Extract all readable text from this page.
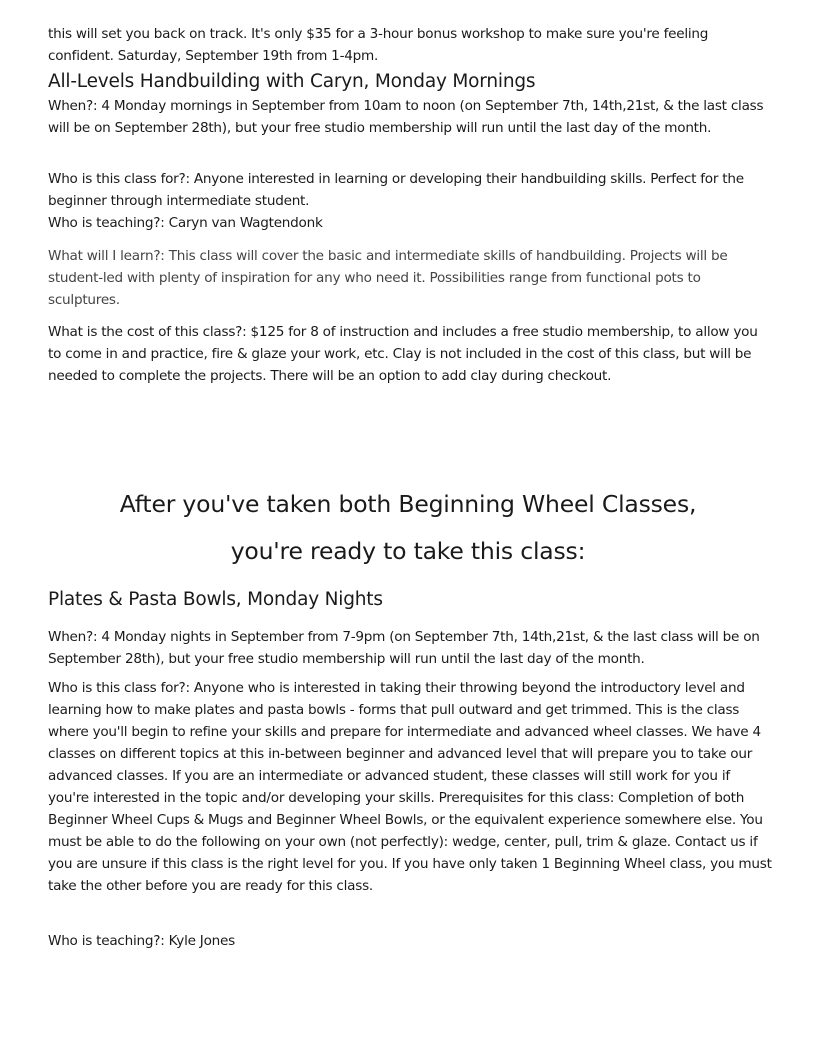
this will set you back on track. It's only $35 for a 3-hour bonus workshop to make sure you're feeling confident. Saturday, September 19th from 1-4pm.

All-Levels Handbuilding with Caryn, Monday Mornings

When?: 4 Monday mornings in September from 10am to noon (on September 7th, 14th,21st, & the last class will be on September 28th), but your free studio membership will run until the last day of the month.

Who is this class for?: Anyone interested in learning or developing their handbuilding skills. Perfect for the beginner through intermediate student.

Who is teaching?: Caryn van Wagtendonk

What will I learn?: This class will cover the basic and intermediate skills of handbuilding. Projects will be student-led with plenty of inspiration for any who need it. Possibilities range from functional pots to sculptures.

What is the cost of this class?: $125 for 8 of instruction and includes a free studio membership, to allow you to come in and practice, fire & glaze your work, etc. Clay is not included in the cost of this class, but will be needed to complete the projects. There will be an option to add clay during checkout.

After you've taken both Beginning Wheel Classes,
you're ready to take this class:
Plates & Pasta Bowls, Monday Nights

When?: 4 Monday nights in September from 7-9pm (on September 7th, 14th,21st, & the last class will be on September 28th), but your free studio membership will run until the last day of the month.

Who is this class for?: Anyone who is interested in taking their throwing beyond the introductory level and learning how to make plates and pasta bowls - forms that pull outward and get trimmed. This is the class where you'll begin to refine your skills and prepare for intermediate and advanced wheel classes. We have 4 classes on different topics at this in-between beginner and advanced level that will prepare you to take our advanced classes. If you are an intermediate or advanced student, these classes will still work for you if you're interested in the topic and/or developing your skills. Prerequisites for this class: Completion of both Beginner Wheel Cups & Mugs and Beginner Wheel Bowls, or the equivalent experience somewhere else. You must be able to do the following on your own (not perfectly): wedge, center, pull, trim & glaze. Contact us if you are unsure if this class is the right level for you. If you have only taken 1 Beginning Wheel class, you must take the other before you are ready for this class.

Who is teaching?: Kyle Jones
